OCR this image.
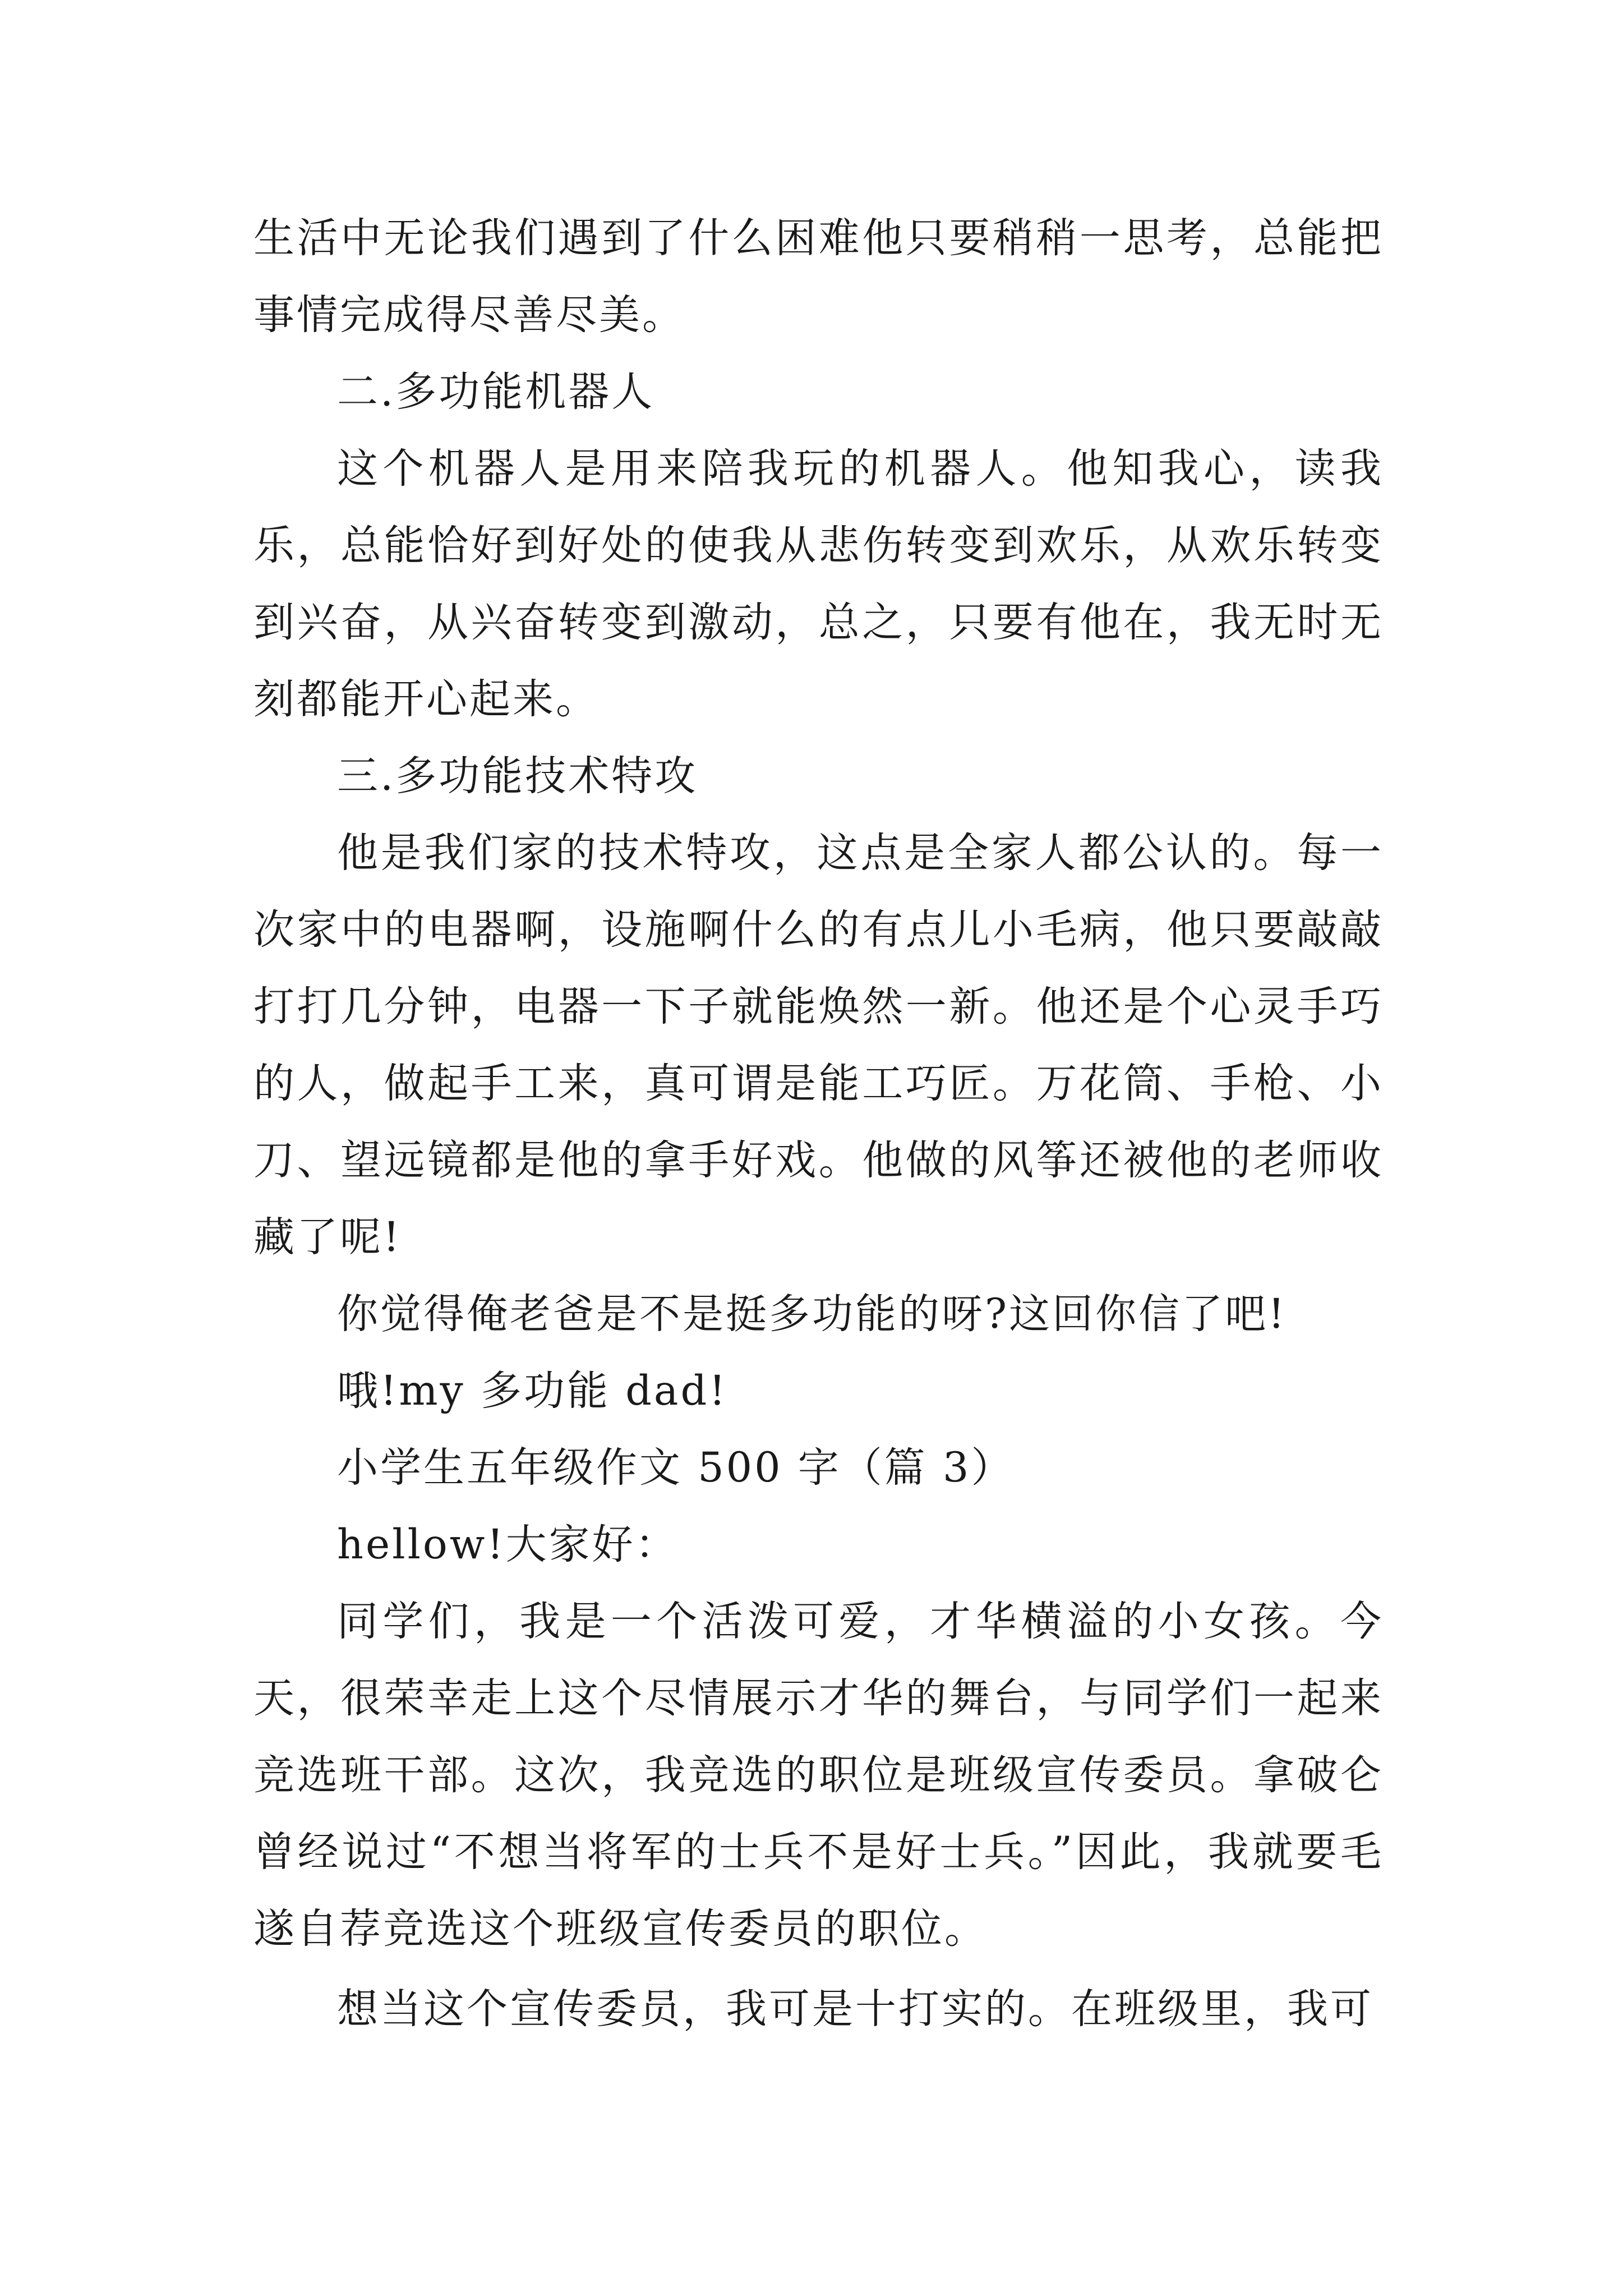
生活中无论我们遇到了什么困难他只要稍稍一思考，总能把事情完成得尽善尽美。

二.多功能机器人

这个机器人是用来陪我玩的机器人。他知我心，读我乐，总能恰好到好处的使我从悲伤转变到欢乐，从欢乐转变到兴奋，从兴奋转变到激动，总之，只要有他在，我无时无刻都能开心起来。

三.多功能技术特攻

他是我们家的技术特攻，这点是全家人都公认的。每一次家中的电器啊，设施啊什么的有点儿小毛病，他只要敲敲打打几分钟，电器一下子就能焕然一新。他还是个心灵手巧的人，做起手工来，真可谓是能工巧匠。万花筒、手枪、小刀、望远镜都是他的拿手好戏。他做的风筝还被他的老师收藏了呢!

你觉得俺老爸是不是挺多功能的呀?这回你信了吧!

哦!my 多功能 dad!

小学生五年级作文 500 字（篇 3）

hellow!大家好：

同学们，我是一个活泼可爱，才华横溢的小女孩。今天，很荣幸走上这个尽情展示才华的舞台，与同学们一起来竞选班干部。这次，我竞选的职位是班级宣传委员。拿破仑曾经说过“不想当将军的士兵不是好士兵。”因此，我就要毛遂自荐竞选这个班级宣传委员的职位。

想当这个宣传委员，我可是十打实的。在班级里，我可
